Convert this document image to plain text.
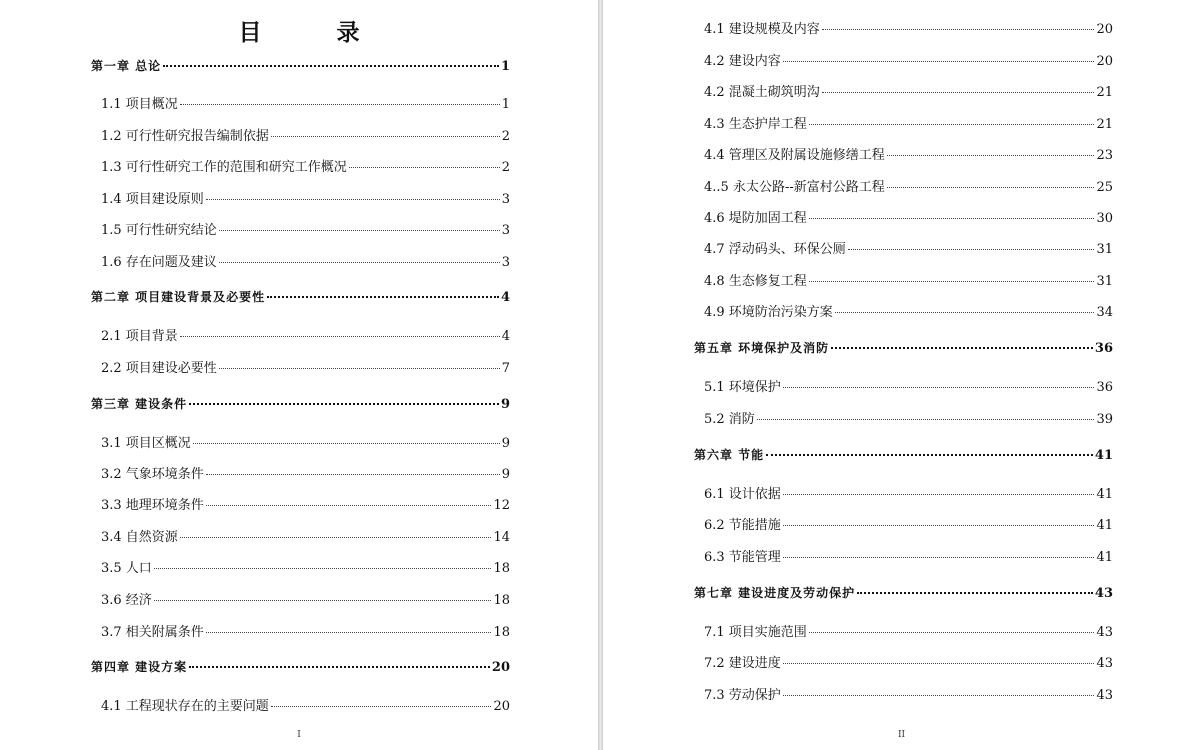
目　录
第一章 总论	1
1.1 项目概况	1
1.2 可行性研究报告编制依据	2
1.3 可行性研究工作的范围和研究工作概况	2
1.4 项目建设原则	3
1.5 可行性研究结论	3
1.6 存在问题及建议	3
第二章 项目建设背景及必要性	4
2.1 项目背景	4
2.2 项目建设必要性	7
第三章 建设条件	9
3.1 项目区概况	9
3.2 气象环境条件	9
3.3 地理环境条件	12
3.4 自然资源	14
3.5 人口	18
3.6 经济	18
3.7 相关附属条件	18
第四章 建设方案	20
4.1 工程现状存在的主要问题	20
I
4.1 建设规模及内容	20
4.2 建设内容	20
4.2 混凝土砌筑明沟	21
4.3 生态护岸工程	21
4.4 管理区及附属设施修缮工程	23
4..5 永太公路--新富村公路工程	25
4.6 堤防加固工程	30
4.7 浮动码头、环保公厕	31
4.8 生态修复工程	31
4.9 环境防治污染方案	34
第五章 环境保护及消防	36
5.1 环境保护	36
5.2 消防	39
第六章 节能	41
6.1 设计依据	41
6.2 节能措施	41
6.3 节能管理	41
第七章 建设进度及劳动保护	43
7.1 项目实施范围	43
7.2 建设进度	43
7.3 劳动保护	43
II
